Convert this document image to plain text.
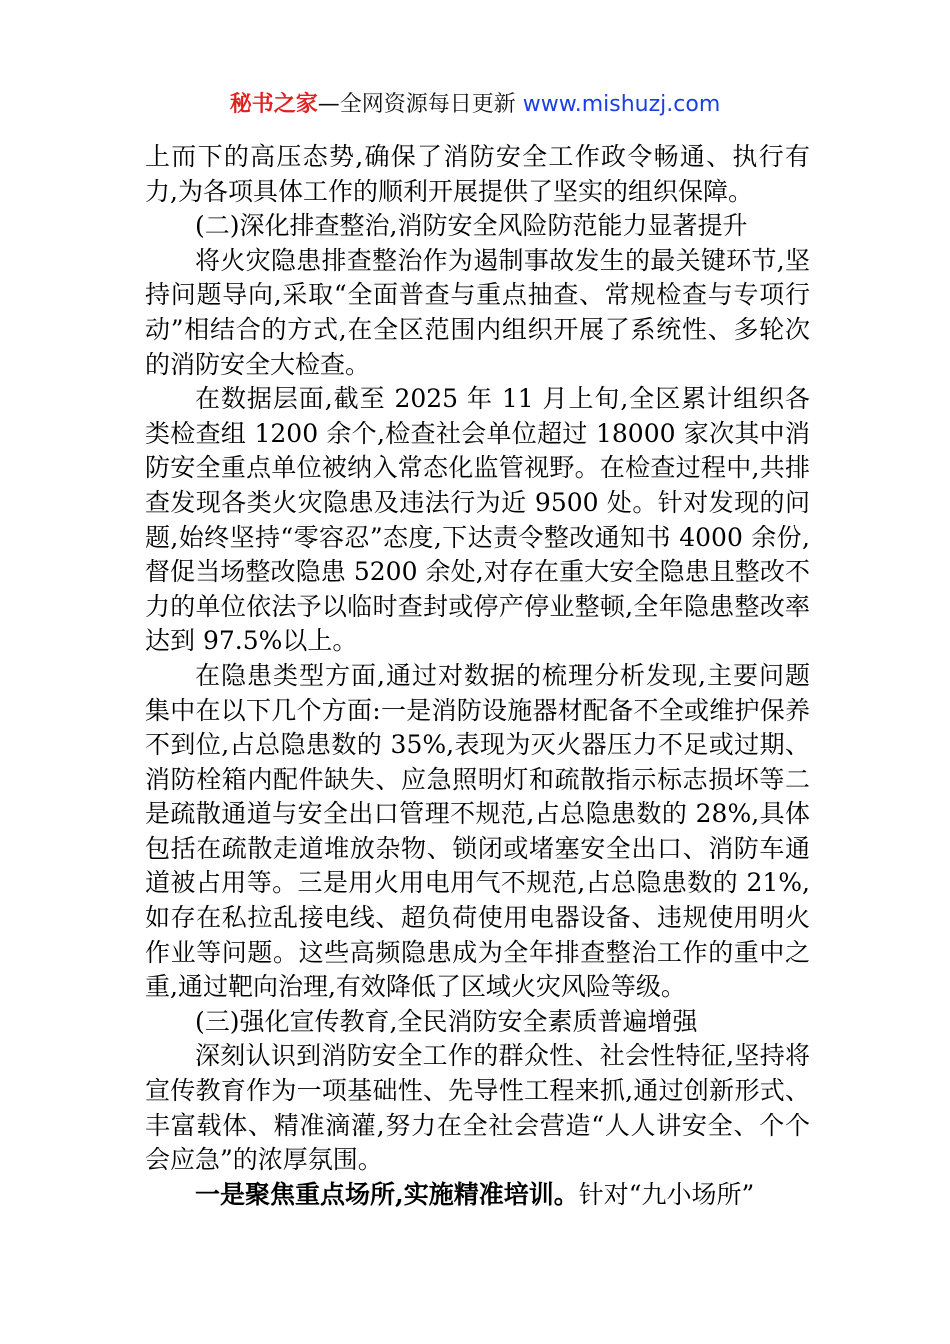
秘书之家—全网资源每日更新 www.mishuzj.com

上而下的高压态势,确保了消防安全工作政令畅通、执行有力,为各项具体工作的顺利开展提供了坚实的组织保障。

(二)深化排查整治,消防安全风险防范能力显著提升

将火灾隐患排查整治作为遏制事故发生的最关键环节,坚持问题导向,采取“全面普查与重点抽查、常规检查与专项行动”相结合的方式,在全区范围内组织开展了系统性、多轮次的消防安全大检查。

在数据层面,截至 2025 年 11 月上旬,全区累计组织各类检查组 1200 余个,检查社会单位超过 18000 家次其中消防安全重点单位被纳入常态化监管视野。在检查过程中,共排查发现各类火灾隐患及违法行为近 9500 处。针对发现的问题,始终坚持“零容忍”态度,下达责令整改通知书 4000 余份,督促当场整改隐患 5200 余处,对存在重大安全隐患且整改不力的单位依法予以临时查封或停产停业整顿,全年隐患整改率达到 97.5%以上。

在隐患类型方面,通过对数据的梳理分析发现,主要问题集中在以下几个方面:一是消防设施器材配备不全或维护保养不到位,占总隐患数的 35%,表现为灭火器压力不足或过期、消防栓箱内配件缺失、应急照明灯和疏散指示标志损坏等二是疏散通道与安全出口管理不规范,占总隐患数的 28%,具体包括在疏散走道堆放杂物、锁闭或堵塞安全出口、消防车通道被占用等。三是用火用电用气不规范,占总隐患数的 21%,如存在私拉乱接电线、超负荷使用电器设备、违规使用明火作业等问题。这些高频隐患成为全年排查整治工作的重中之重,通过靶向治理,有效降低了区域火灾风险等级。

(三)强化宣传教育,全民消防安全素质普遍增强

深刻认识到消防安全工作的群众性、社会性特征,坚持将宣传教育作为一项基础性、先导性工程来抓,通过创新形式、丰富载体、精准滴灌,努力在全社会营造“人人讲安全、个个会应急”的浓厚氛围。

一是聚焦重点场所,实施精准培训。针对“九小场所”
